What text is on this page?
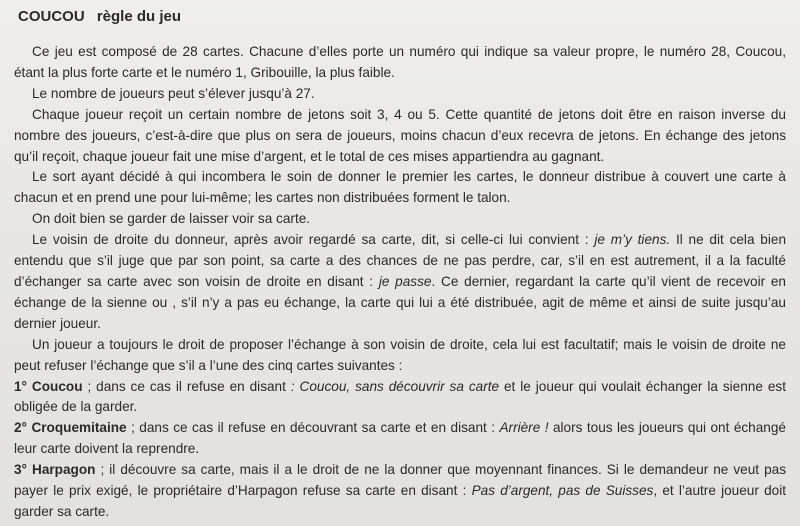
COUCOU règle du jeu

Ce jeu est composé de 28 cartes. Chacune d’elles porte un numéro qui indique sa valeur propre, le numéro 28, Coucou, étant la plus forte carte et le numéro 1, Gribouille, la plus faible.

Le nombre de joueurs peut s’élever jusqu’à 27.

Chaque joueur reçoit un certain nombre de jetons soit 3, 4 ou 5. Cette quantité de jetons doit être en raison inverse du nombre des joueurs, c’est-à-dire que plus on sera de joueurs, moins chacun d’eux recevra de jetons. En échange des jetons qu’il reçoit, chaque joueur fait une mise d’argent, et le total de ces mises appartiendra au gagnant.

Le sort ayant décidé à qui incombera le soin de donner le premier les cartes, le donneur distribue à couvert une carte à chacun et en prend une pour lui-même; les cartes non distribuées forment le talon.

On doit bien se garder de laisser voir sa carte.

Le voisin de droite du donneur, après avoir regardé sa carte, dit, si celle-ci lui convient : je m’y tiens. Il ne dit cela bien entendu que s’il juge que par son point, sa carte a des chances de ne pas perdre, car, s’il en est autrement, il a la faculté d’échanger sa carte avec son voisin de droite en disant : je passe. Ce dernier, regardant la carte qu’il vient de recevoir en échange de la sienne ou , s’il n’y a pas eu échange, la carte qui lui a été distribuée, agit de même et ainsi de suite jusqu’au dernier joueur.

Un joueur a toujours le droit de proposer l’échange à son voisin de droite, cela lui est facultatif; mais le voisin de droite ne peut refuser l’échange que s’il a l’une des cinq cartes suivantes :

1° Coucou ; dans ce cas il refuse en disant : Coucou, sans découvrir sa carte et le joueur qui voulait échanger la sienne est obligée de la garder.

2° Croquemitaine ; dans ce cas il refuse en découvrant sa carte et en disant : Arrière ! alors tous les joueurs qui ont échangé leur carte doivent la reprendre.

3° Harpagon ; il découvre sa carte, mais il a le droit de ne la donner que moyennant finances. Si le demandeur ne veut pas payer le prix exigé, le propriétaire d’Harpagon refuse sa carte en disant : Pas d’argent, pas de Suisses, et l’autre joueur doit garder sa carte.
